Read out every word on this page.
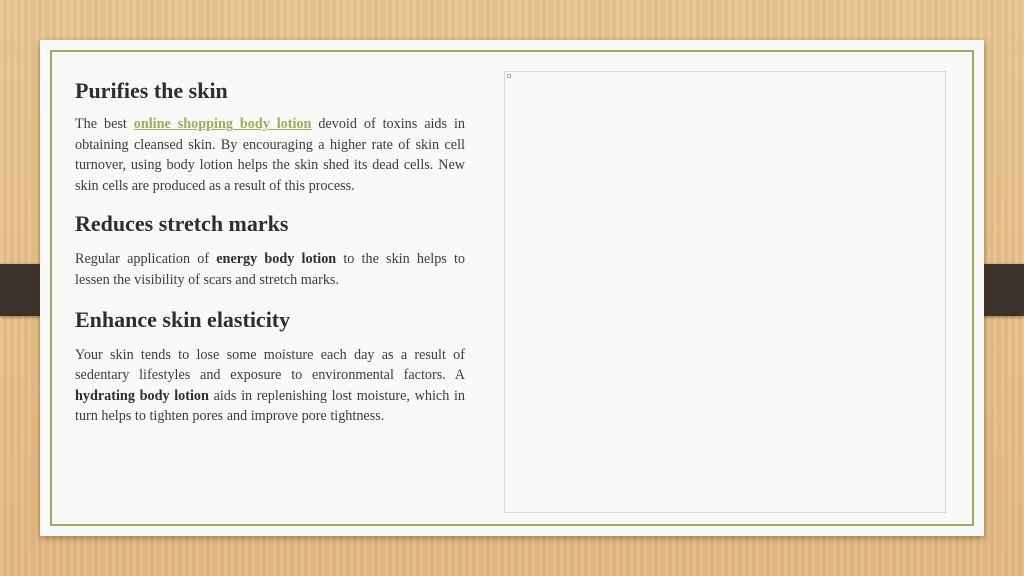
Purifies the skin

The best online shopping body lotion devoid of toxins aids in obtaining cleansed skin. By encouraging a higher rate of skin cell turnover, using body lotion helps the skin shed its dead cells. New skin cells are produced as a result of this process.

Reduces stretch marks

Regular application of energy body lotion to the skin helps to lessen the visibility of scars and stretch marks.

Enhance skin elasticity

Your skin tends to lose some moisture each day as a result of sedentary lifestyles and exposure to environmental factors. A hydrating body lotion aids in replenishing lost moisture, which in turn helps to tighten pores and improve pore tightness.
